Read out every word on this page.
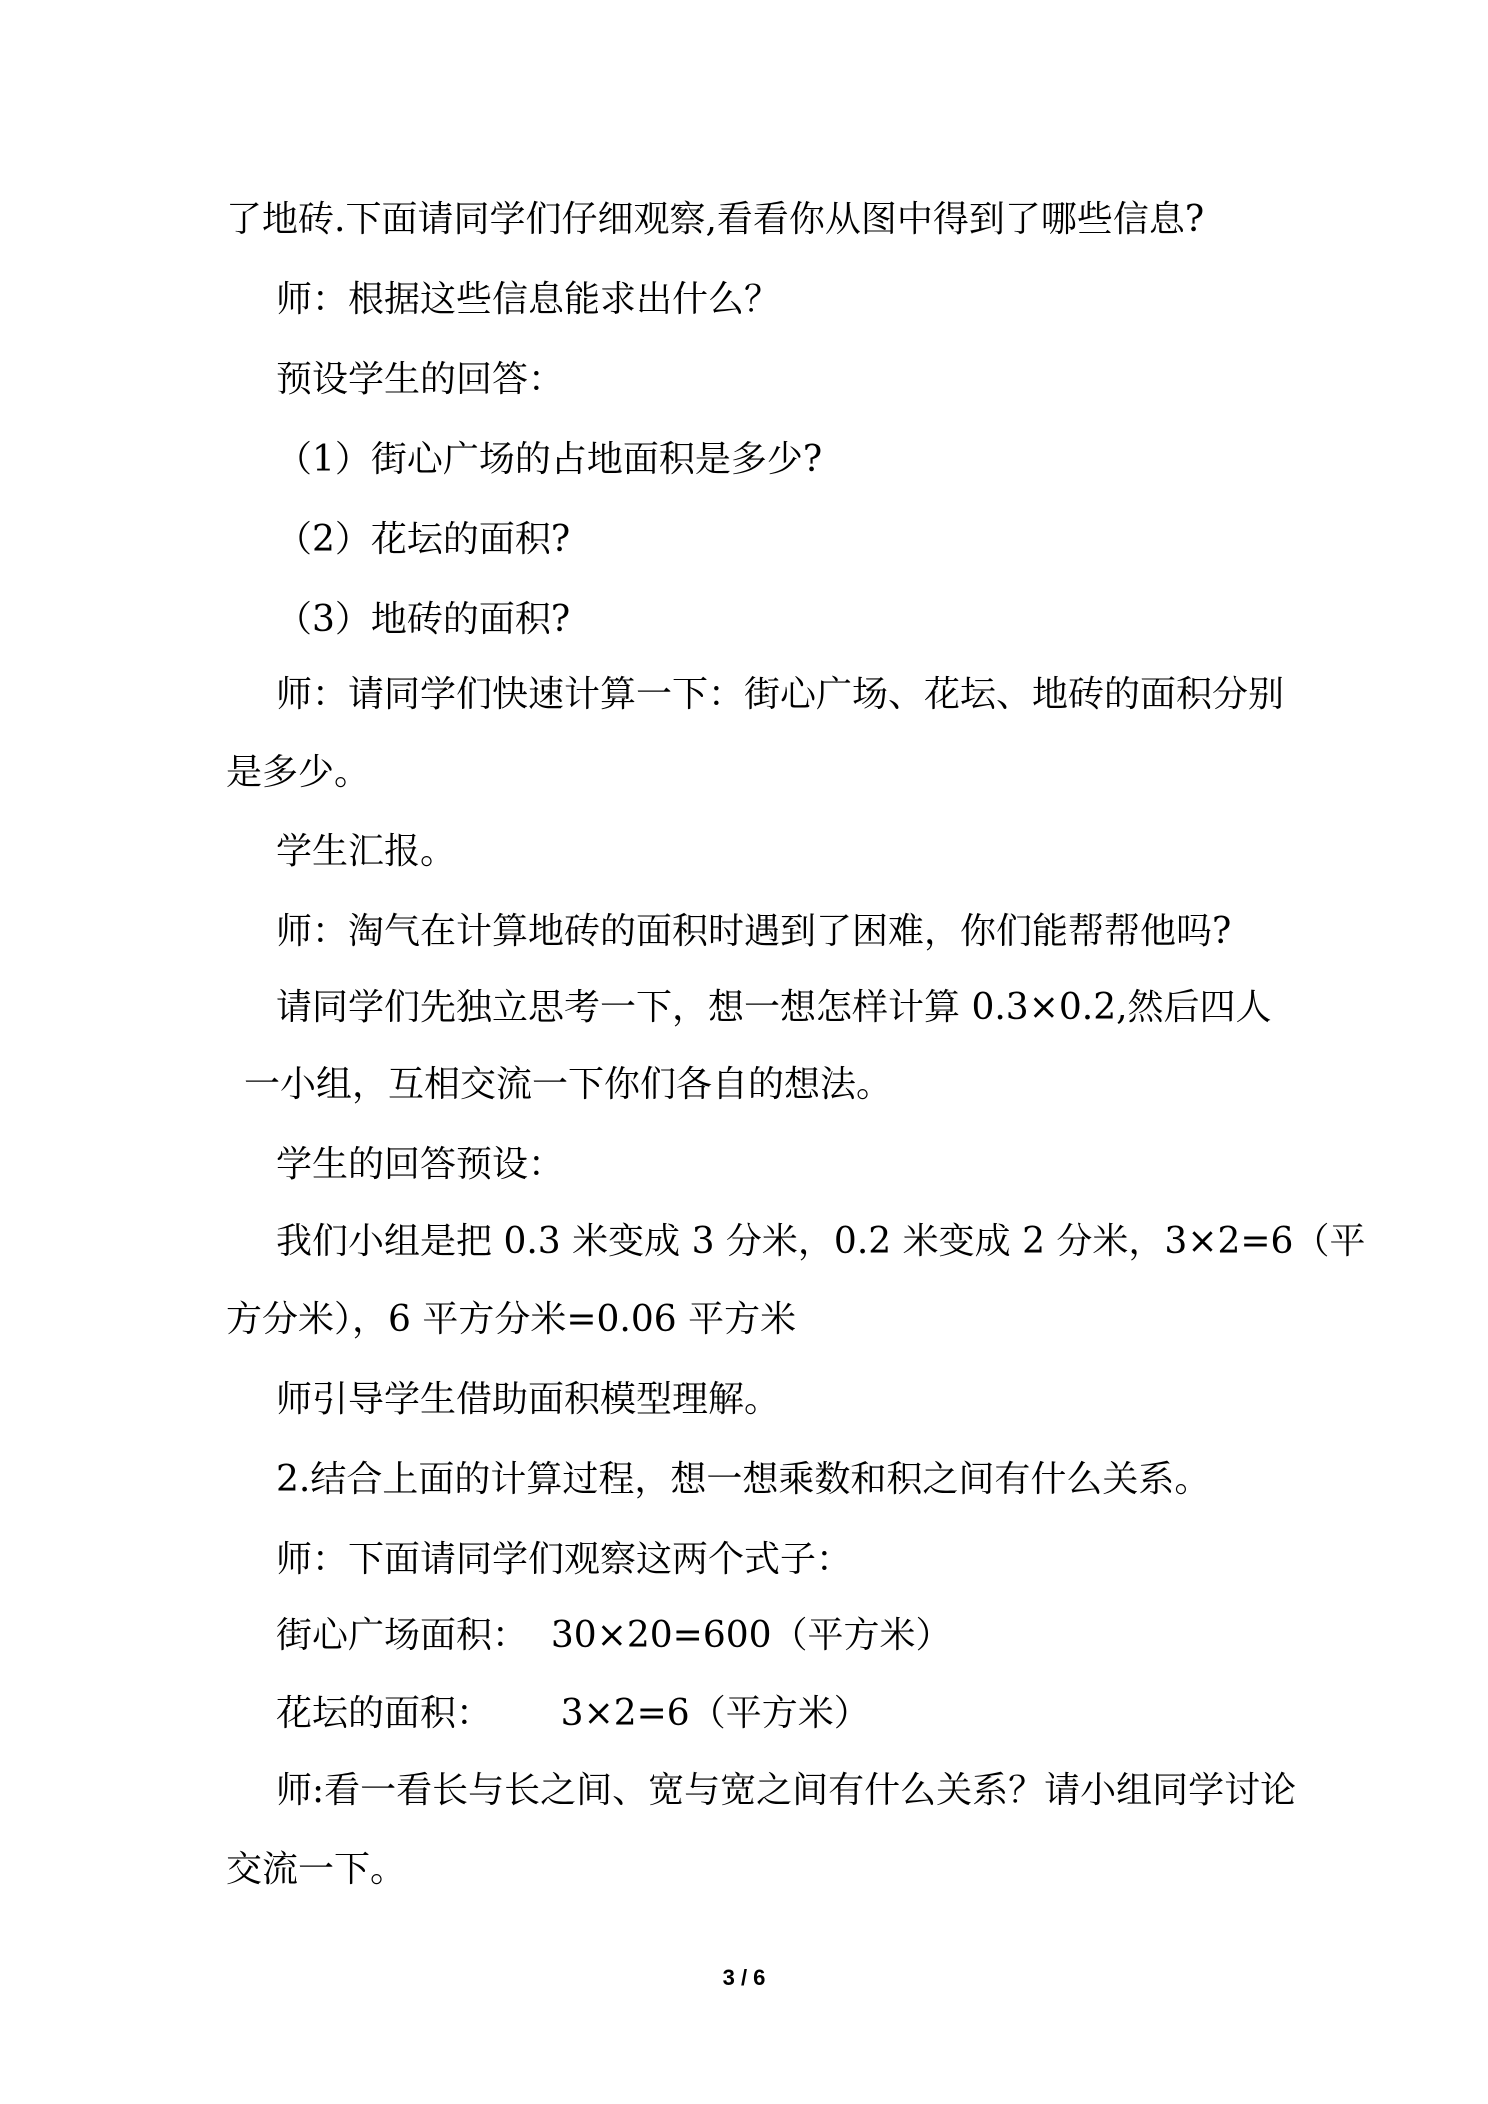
了地砖.下面请同学们仔细观察,看看你从图中得到了哪些信息?
师：根据这些信息能求出什么？
预设学生的回答：
（1）街心广场的占地面积是多少?
（2）花坛的面积?
（3）地砖的面积?
师：请同学们快速计算一下：街心广场、花坛、地砖的面积分别
是多少。
学生汇报。
师：淘气在计算地砖的面积时遇到了困难，你们能帮帮他吗?
请同学们先独立思考一下，想一想怎样计算 0.3×0.2,然后四人
一小组，互相交流一下你们各自的想法。
学生的回答预设：
我们小组是把 0.3 米变成 3 分米，0.2 米变成 2 分米，3×2=6（平
方分米），6 平方分米=0.06 平方米
师引导学生借助面积模型理解。
2.结合上面的计算过程，想一想乘数和积之间有什么关系。
师：下面请同学们观察这两个式子：
街心广场面积：  30×20=600（平方米）
花坛的面积：      3×2=6（平方米）
师:看一看长与长之间、宽与宽之间有什么关系？请小组同学讨论
交流一下。
3 / 6
